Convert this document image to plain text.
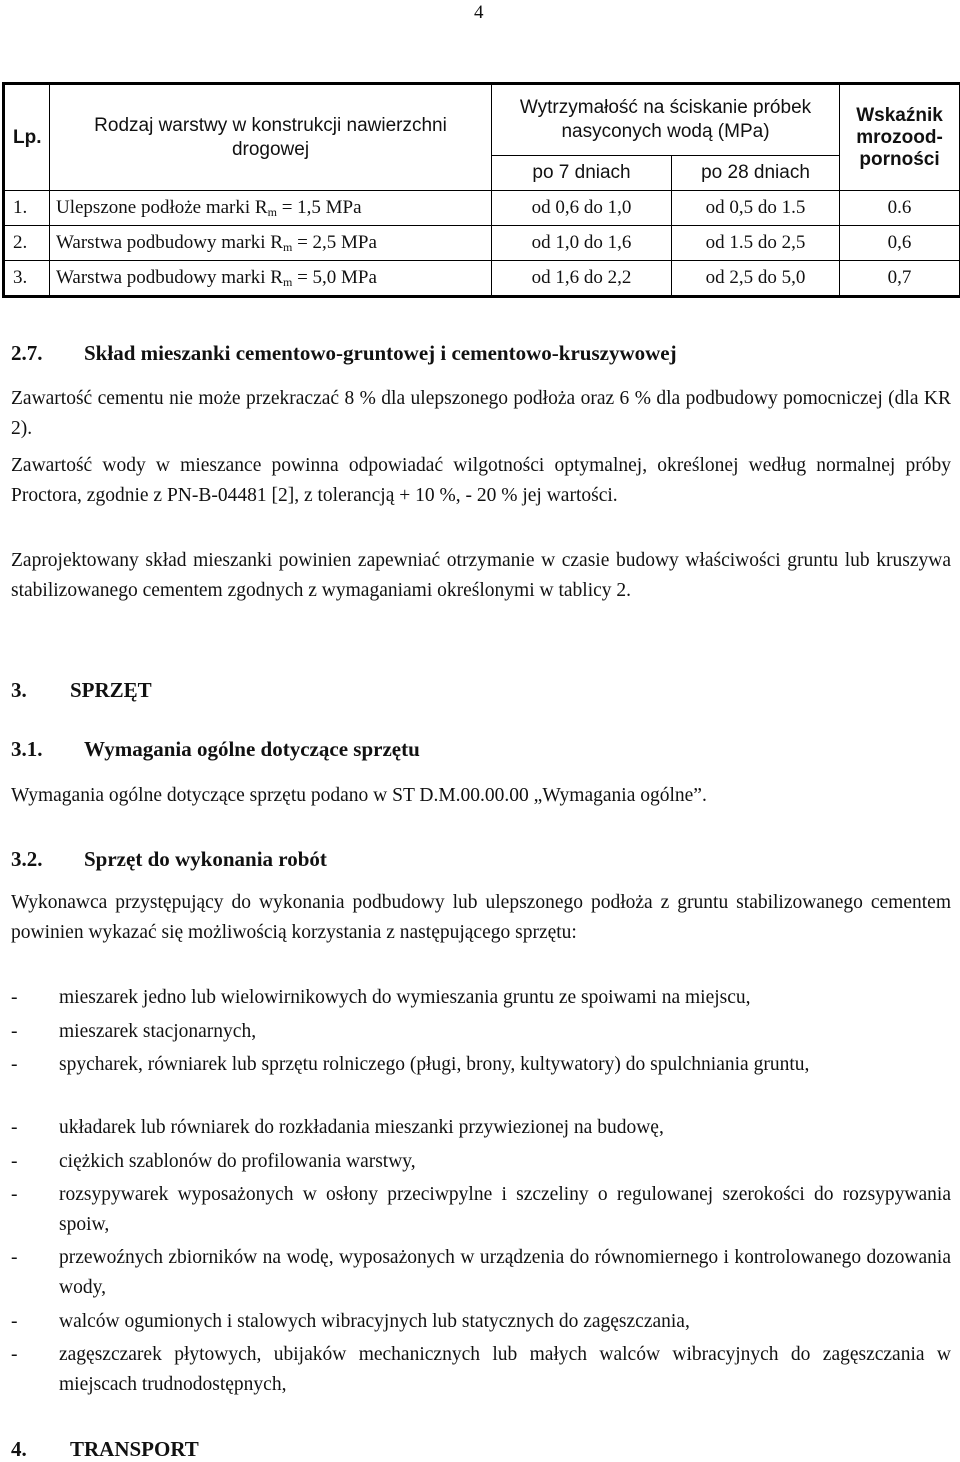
4
Lp.	Rodzaj warstwy w konstrukcji nawierzchni drogowej	Wytrzymałość na ściskanie próbek nasyconych wodą (MPa)		Wskaźnik
mrozood-
porności

		po 7 dniach	po 28 dniach	
1.	Ulepszone podłoże marki $R_m = 1,5$ MPa	od 0,6 do 1,0	od 0,5 do 1.5	0.6
2.	Warstwa podbudowy marki $R_m = 2,5$ MPa	od 1,0 do 1,6	od 1.5 do 2,5	0,6
3.	Warstwa podbudowy marki $R_m = 5,0$ MPa	od 1,6 do 2,2	od 2,5 do 5,0	0,7
2.7. Skład mieszanki cementowo-gruntowej i cementowo-kruszywowej
Zawartość cementu nie może przekraczać 8 % dla ulepszonego podłoża oraz 6 % dla podbudowy pomocniczej (dla KR 2).
Zawartość wody w mieszance powinna odpowiadać wilgotności optymalnej, określonej według normalnej próby Proctora, zgodnie z PN-B-04481 [2], z tolerancją + 10 %, - 20 % jej wartości.
Zaprojektowany skład mieszanki powinien zapewniać otrzymanie w czasie budowy właściwości gruntu lub kruszywa stabilizowanego cementem zgodnych z wymaganiami określonymi w tablicy 2.
3. SPRZĘT
3.1. Wymagania ogólne dotyczące sprzętu
Wymagania ogólne dotyczące sprzętu podano w ST D.M.00.00.00 „Wymagania ogólne”.
3.2. Sprzęt do wykonania robót
Wykonawca przystępujący do wykonania podbudowy lub ulepszonego podłoża z gruntu stabilizowanego cementem powinien wykazać się możliwością korzystania z następującego sprzętu:
- mieszarek jedno lub wielowirnikowych do wymieszania gruntu ze spoiwami na miejscu,
- mieszarek stacjonarnych,
- spycharek, równiarek lub sprzętu rolniczego (pługi, brony, kultywatory) do spulchniania gruntu,
- układarek lub równiarek do rozkładania mieszanki przywiezionej na budowę,
- ciężkich szablonów do profilowania warstwy,
- rozsypywarek wyposażonych w osłony przeciwpylne i szczeliny o regulowanej szerokości do rozsypywania spoiw,
- przewoźnych zbiorników na wodę, wyposażonych w urządzenia do równomiernego i kontrolowanego dozowania wody,
- walców ogumionych i stalowych wibracyjnych lub statycznych do zagęszczania,
- zagęszczarek płytowych, ubijaków mechanicznych lub małych walców wibracyjnych do zagęszczania w miejscach trudnodostępnych,
4. TRANSPORT
